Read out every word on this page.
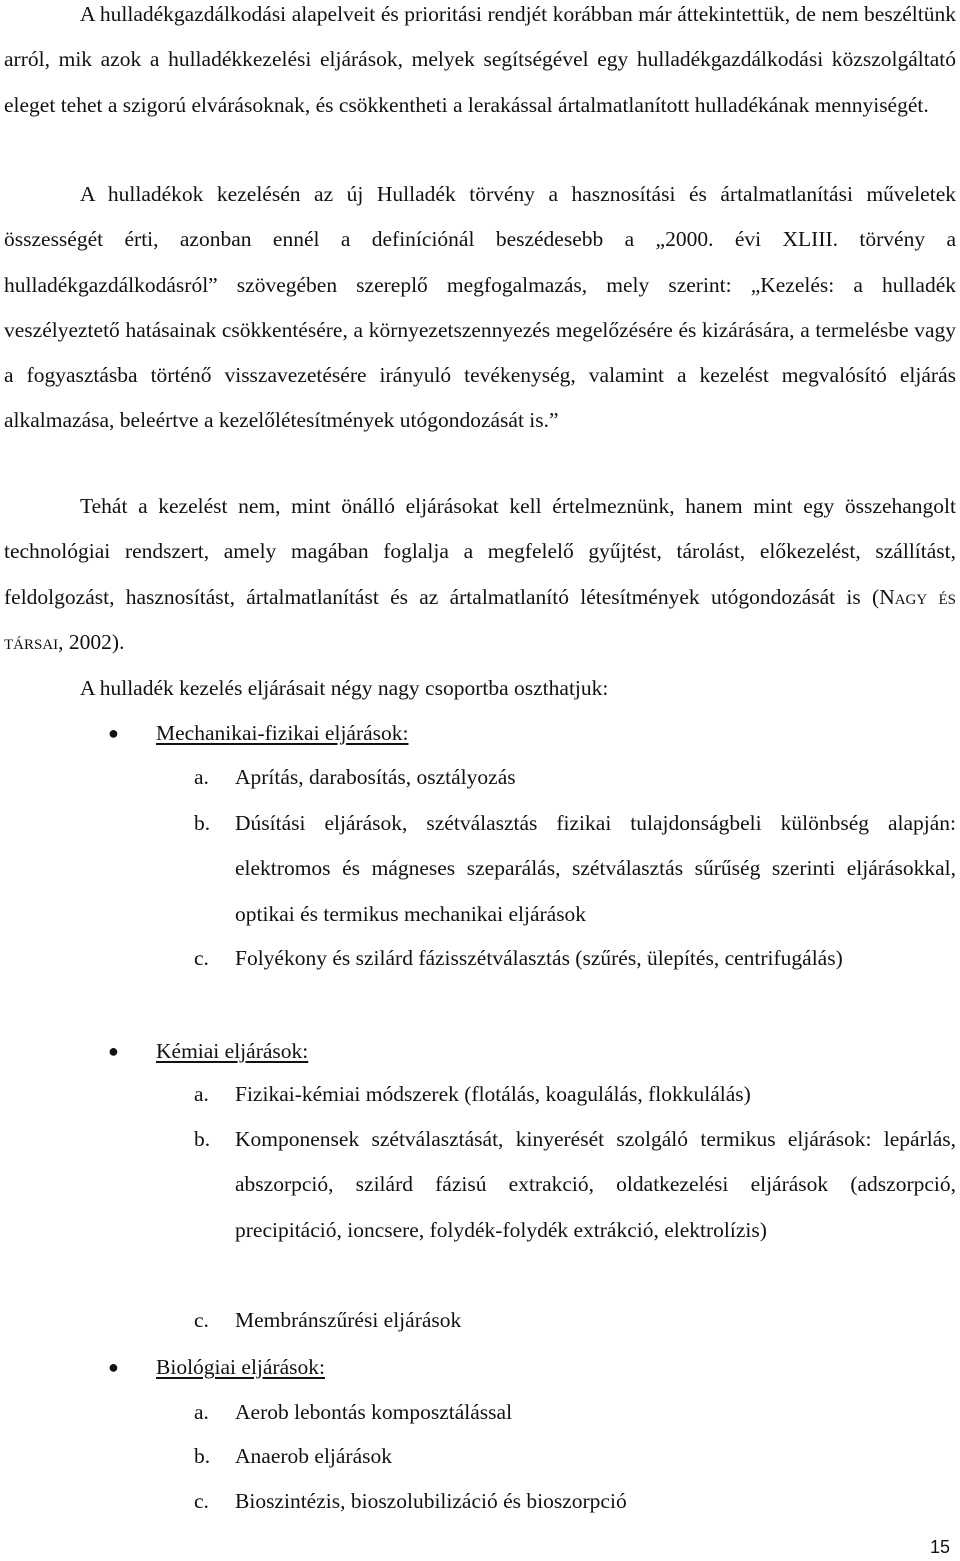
A hulladékgazdálkodási alapelveit és prioritási rendjét korábban már áttekintettük, de nem beszéltünk arról, mik azok a hulladékkezelési eljárások, melyek segítségével egy hulladékgazdálkodási közszolgáltató eleget tehet a szigorú elvárásoknak, és csökkentheti a lerakással ártalmatlanított hulladékának mennyiségét.

A hulladékok kezelésén az új Hulladék törvény a hasznosítási és ártalmatlanítási műveletek összességét érti, azonban ennél a definíciónál beszédesebb a „2000. évi XLIII. törvény a hulladékgazdálkodásról” szövegében szereplő megfogalmazás, mely szerint: „Kezelés: a hulladék veszélyeztető hatásainak csökkentésére, a környezetszennyezés megelőzésére és kizárására, a termelésbe vagy a fogyasztásba történő visszavezetésére irányuló tevékenység, valamint a kezelést megvalósító eljárás alkalmazása, beleértve a kezelőlétesítmények utógondozását is.”

Tehát a kezelést nem, mint önálló eljárásokat kell értelmeznünk, hanem mint egy összehangolt technológiai rendszert, amely magában foglalja a megfelelő gyűjtést, tárolást, előkezelést, szállítást, feldolgozást, hasznosítást, ártalmatlanítást és az ártalmatlanító létesítmények utógondozását is (Nagy és társai, 2002).

A hulladék kezelés eljárásait négy nagy csoportba oszthatjuk:

● Mechanikai-fizikai eljárások:
a. Aprítás, darabosítás, osztályozás
b. Dúsítási eljárások, szétválasztás fizikai tulajdonságbeli különbség alapján: elektromos és mágneses szeparálás, szétválasztás sűrűség szerinti eljárásokkal, optikai és termikus mechanikai eljárások
c. Folyékony és szilárd fázisszétválasztás (szűrés, ülepítés, centrifugálás)
● Kémiai eljárások:
a. Fizikai-kémiai módszerek (flotálás, koagulálás, flokkulálás)
b. Komponensek szétválasztását, kinyerését szolgáló termikus eljárások: lepárlás, abszorpció, szilárd fázisú extrakció, oldatkezelési eljárások (adszorpció, precipitáció, ioncsere, folydék-folydék extrákció, elektrolízis)
c. Membránszűrési eljárások
● Biológiai eljárások:
a. Aerob lebontás komposztálással
b. Anaerob eljárások
c. Bioszintézis, bioszolubilizáció és bioszorpció
15
